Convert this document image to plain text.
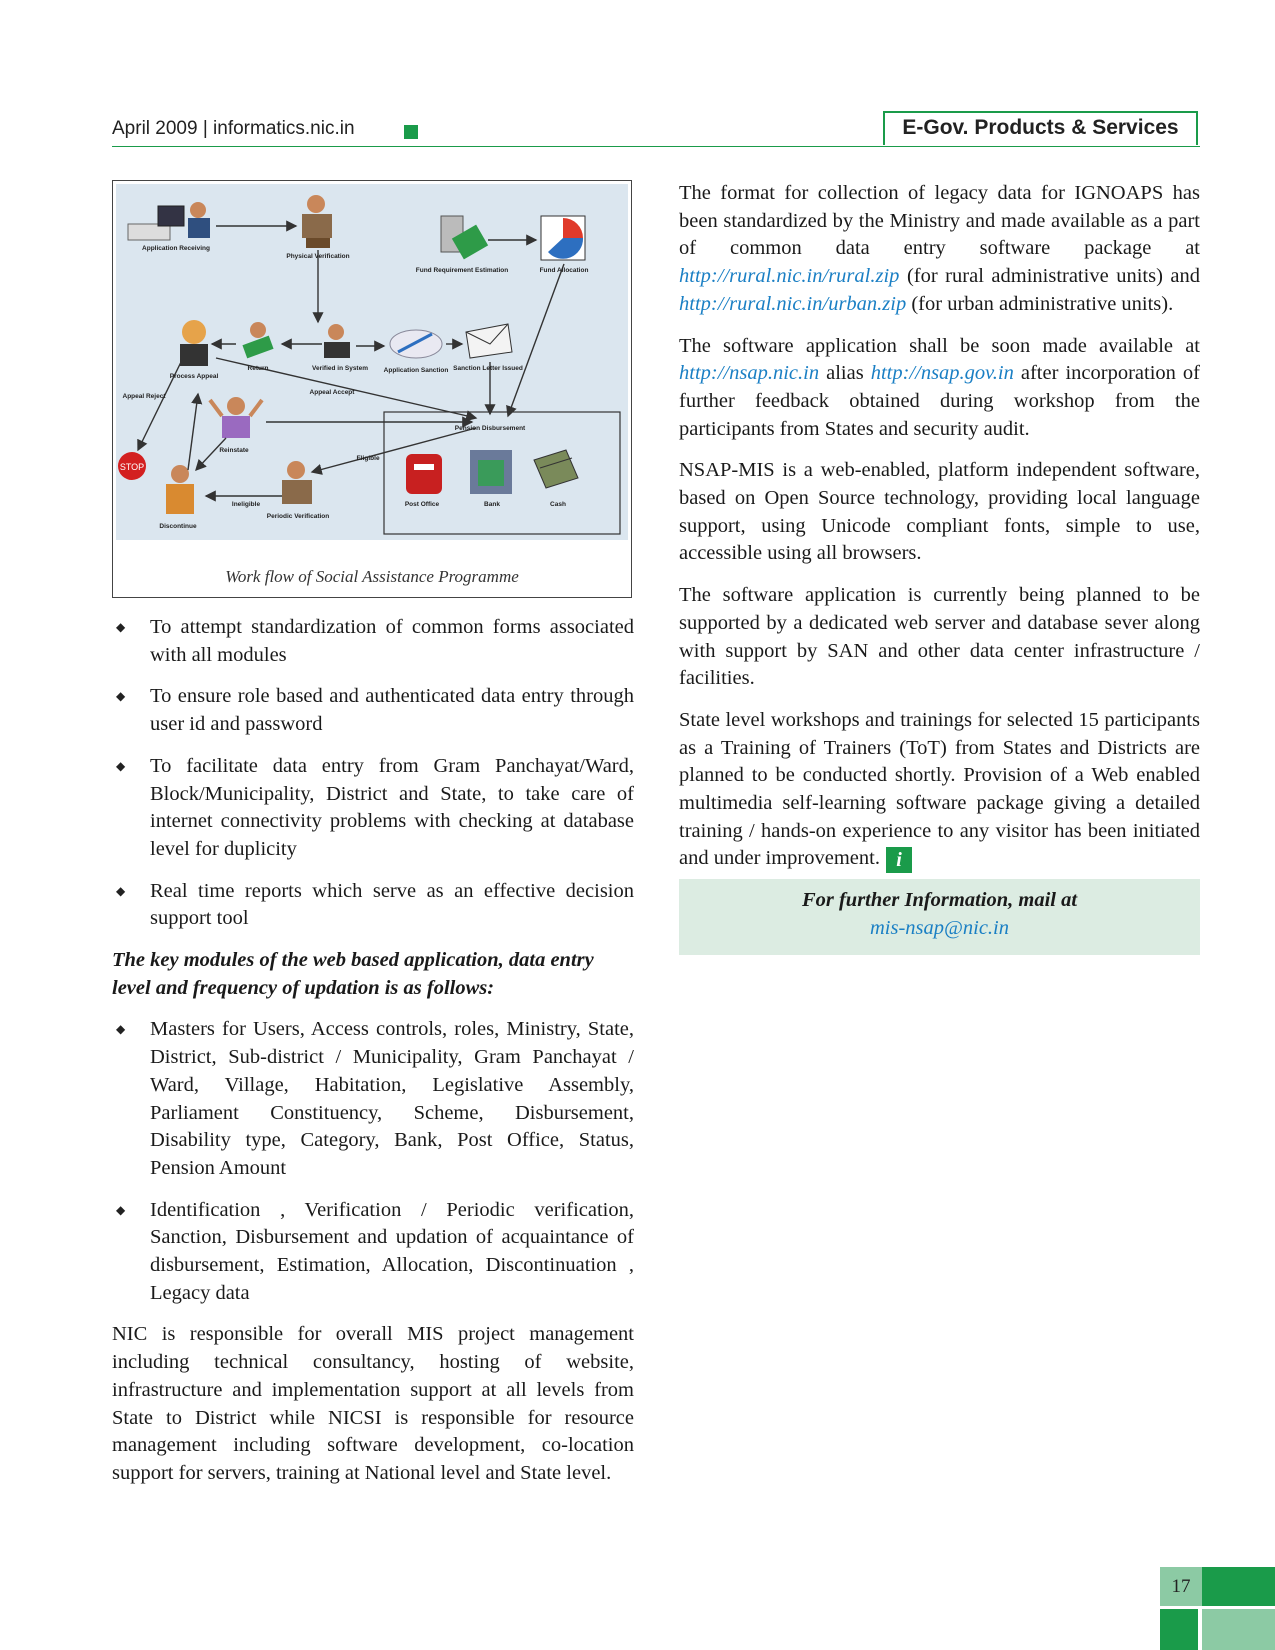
April 2009 | informatics.nic.in	E-Gov. Products & Services
STOP
Application Receiving
Physical Verification
Fund Requirement Estimation	Fund Allocation
Process Appeal
Return	Verified in System Application Sanction Sanction Letter Issued
Appeal Reject
Appeal Accept
Pension Disbursement
Reinstate
Eligible
Ineligible
Periodic Verification
Discontinue
Post Office	Bank	Cash
Work flow of Social Assistance Programme
◆ To attempt standardization of common forms associated with all modules
◆ To ensure role based and authenticated data entry through user id and password
◆ To facilitate data entry from Gram Panchayat/Ward, Block/Municipality, District and State, to take care of internet connectivity problems with checking at database level for duplicity
◆ Real time reports which serve as an effective decision support tool

The key modules of the web based application, data entry level and frequency of updation is as follows:

◆ Masters for Users, Access controls, roles, Ministry, State, District, Sub-district / Municipality, Gram Panchayat / Ward, Village, Habitation, Legislative Assembly, Parliament Constituency, Scheme, Disbursement, Disability type, Category, Bank, Post Office, Status, Pension Amount
◆ Identification , Verification / Periodic verification, Sanction, Disbursement and updation of acquaintance of disbursement, Estimation, Allocation, Discontinuation , Legacy data

NIC is responsible for overall MIS project management including technical consultancy, hosting of website, infrastructure and implementation support at all levels from State to District while NICSI is responsible for resource management including software development, co-location support for servers, training at National level and State level.

The format for collection of legacy data for IGNOAPS has been standardized by the Ministry and made available as a part of common data entry software package at http://rural.nic.in/rural.zip (for rural administrative units) and http://rural.nic.in/urban.zip (for urban administrative units).

The software application shall be soon made available at http://nsap.nic.in alias http://nsap.gov.in after incorporation of further feedback obtained during workshop from the participants from States and security audit.

NSAP-MIS is a web-enabled, platform independent software, based on Open Source technology, providing local language support, using Unicode compliant fonts, simple to use, accessible using all browsers.

The software application is currently being planned to be supported by a dedicated web server and database sever along with support by SAN and other data center infrastructure / facilities.

State level workshops and trainings for selected 15 participants as a Training of Trainers (ToT) from States and Districts are planned to be conducted shortly. Provision of a Web enabled multimedia self-learning software package giving a detailed training / hands-on experience to any visitor has been initiated and under improvement. i

For further Information, mail at
mis-nsap@nic.in
17
